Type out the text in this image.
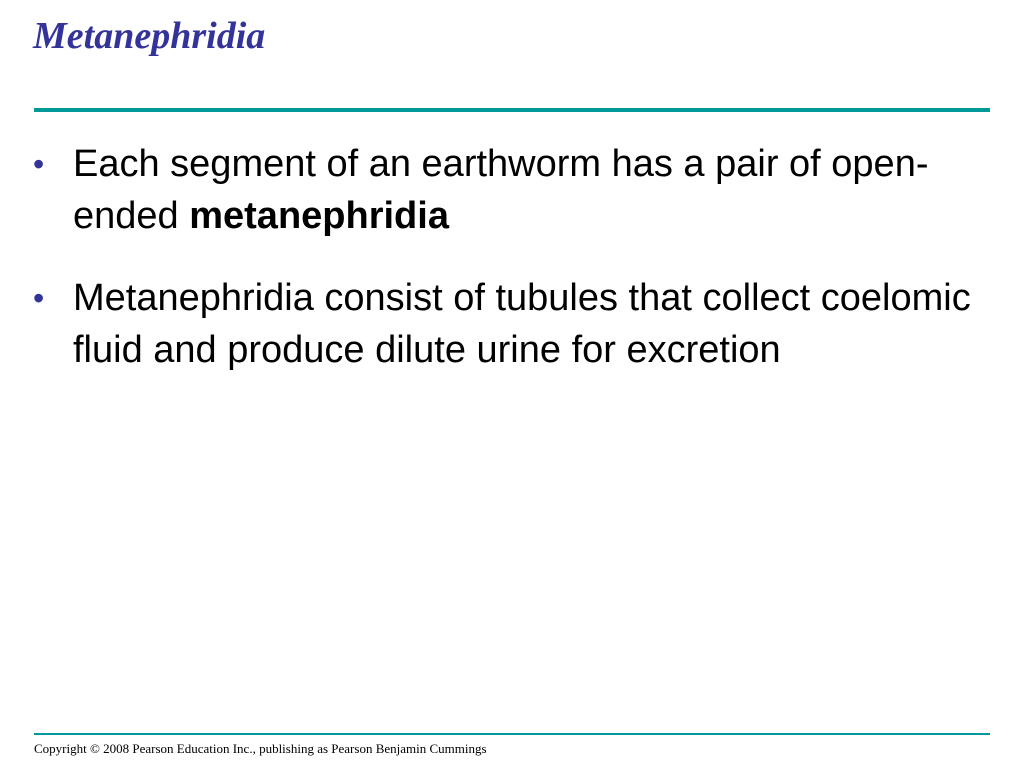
Metanephridia
• Each segment of an earthworm has a pair of open-ended metanephridia
• Metanephridia consist of tubules that collect coelomic fluid and produce dilute urine for excretion
Copyright © 2008 Pearson Education Inc., publishing as Pearson Benjamin Cummings
